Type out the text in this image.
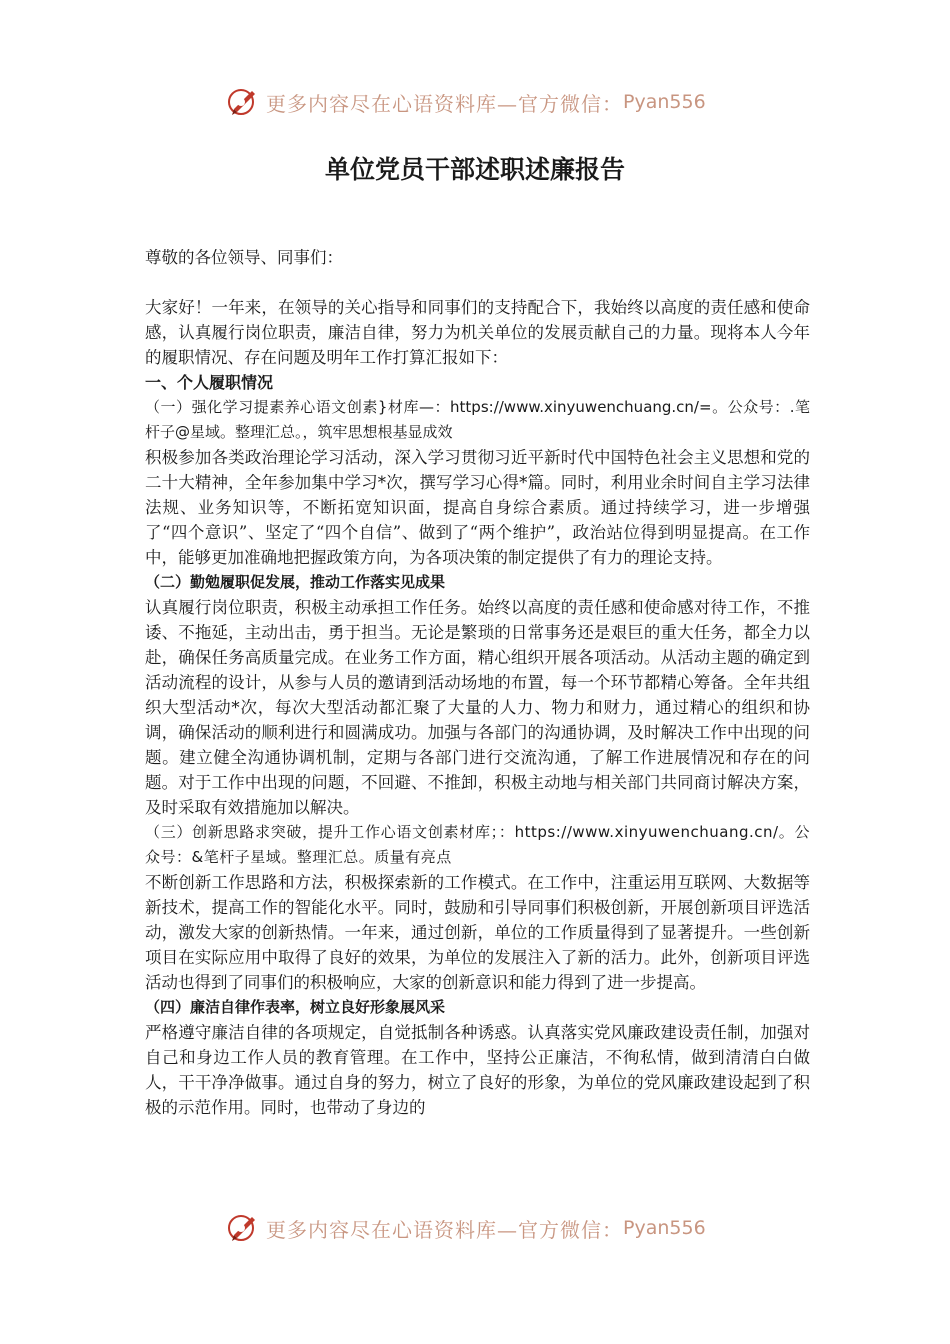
更多内容尽在心语资料库—官方微信： Pyan556
单位党员干部述职述廉报告

尊敬的各位领导、同事们：

大家好！一年来，在领导的关心指导和同事们的支持配合下，我始终以高度的责任感和使命感，认真履行岗位职责，廉洁自律，努力为机关单位的发展贡献自己的力量。现将本人今年的履职情况、存在问题及明年工作打算汇报如下：

一、个人履职情况

（一）强化学习提素养心语文创素}材库—：https://www.xinyuwenchuang.cn/=。公众号：.笔杆子@星域。整理汇总。，筑牢思想根基显成效

积极参加各类政治理论学习活动，深入学习贯彻习近平新时代中国特色社会主义思想和党的二十大精神，全年参加集中学习*次，撰写学习心得*篇。同时，利用业余时间自主学习法律法规、业务知识等，不断拓宽知识面，提高自身综合素质。通过持续学习，进一步增强了“四个意识”、坚定了“四个自信”、做到了“两个维护”，政治站位得到明显提高。在工作中，能够更加准确地把握政策方向，为各项决策的制定提供了有力的理论支持。

（二）勤勉履职促发展，推动工作落实见成果

认真履行岗位职责，积极主动承担工作任务。始终以高度的责任感和使命感对待工作，不推诿、不拖延，主动出击，勇于担当。无论是繁琐的日常事务还是艰巨的重大任务，都全力以赴，确保任务高质量完成。在业务工作方面，精心组织开展各项活动。从活动主题的确定到活动流程的设计，从参与人员的邀请到活动场地的布置，每一个环节都精心筹备。全年共组织大型活动*次，每次大型活动都汇聚了大量的人力、物力和财力，通过精心的组织和协调，确保活动的顺利进行和圆满成功。加强与各部门的沟通协调，及时解决工作中出现的问题。建立健全沟通协调机制，定期与各部门进行交流沟通，了解工作进展情况和存在的问题。对于工作中出现的问题，不回避、不推卸，积极主动地与相关部门共同商讨解决方案，及时采取有效措施加以解决。

（三）创新思路求突破，提升工作心语文创素材库；：https://www.xinyuwenchuang.cn/。公众号：&笔杆子星域。整理汇总。质量有亮点

不断创新工作思路和方法，积极探索新的工作模式。在工作中，注重运用互联网、大数据等新技术，提高工作的智能化水平。同时，鼓励和引导同事们积极创新，开展创新项目评选活动，激发大家的创新热情。一年来，通过创新，单位的工作质量得到了显著提升。一些创新项目在实际应用中取得了良好的效果，为单位的发展注入了新的活力。此外，创新项目评选活动也得到了同事们的积极响应，大家的创新意识和能力得到了进一步提高。

（四）廉洁自律作表率，树立良好形象展风采

严格遵守廉洁自律的各项规定，自觉抵制各种诱惑。认真落实党风廉政建设责任制，加强对自己和身边工作人员的教育管理。在工作中，坚持公正廉洁，不徇私情，做到清清白白做人，干干净净做事。通过自身的努力，树立了良好的形象，为单位的党风廉政建设起到了积极的示范作用。同时，也带动了身边的

更多内容尽在心语资料库—官方微信： Pyan556
